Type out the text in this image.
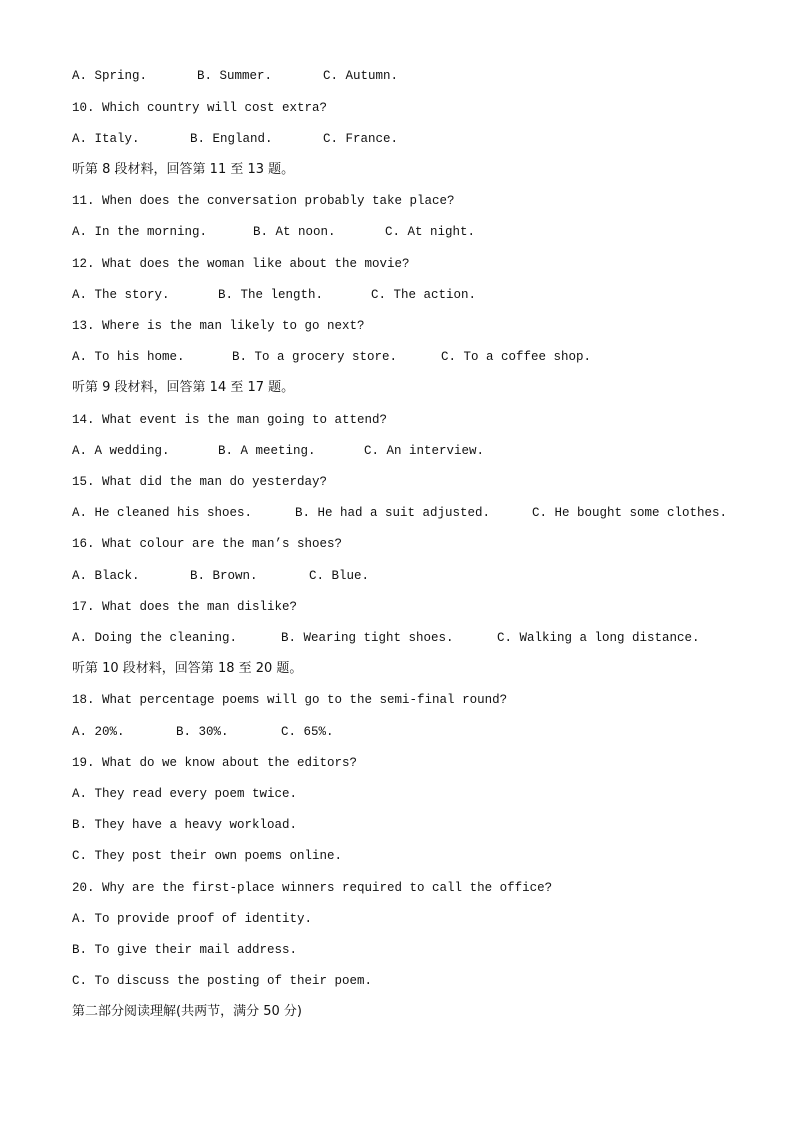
A. Spring.

	B. Summer.

	C. Autumn.

10. Which country will cost extra?

A. Italy.

	B. England.

	C. France.

听第 8 段材料，回答第 11 至 13 题。
11. When does the conversation probably take place?

A. In the morning.

	B. At noon.

	C. At night.

12. What does the woman like about the movie?

A. The story.

	B. The length.

	C. The action.

13. Where is the man likely to go next?

A. To his home.

	B. To a grocery store.

	C. To a coffee shop.

听第 9 段材料，回答第 14 至 17 题。
14. What event is the man going to attend?

A. A wedding.

	B. A meeting.

	C. An interview.

15. What did the man do yesterday?

A. He cleaned his shoes.

	B. He had a suit adjusted.

	C. He bought some clothes.

16. What colour are the man’s shoes?

A. Black.

	B. Brown.

	C. Blue.

17. What does the man dislike?

A. Doing the cleaning.

	B. Wearing tight shoes.

	C. Walking a long distance.

听第 10 段材料，回答第 18 至 20 题。
18. What percentage poems will go to the semi-final round?

A. 20%.

	B. 30%.

	C. 65%.

19. What do we know about the editors?
A. They read every poem twice.
B. They have a heavy workload.
C. They post their own poems online.
20. Why are the first-place winners required to call the office?
A. To provide proof of identity.
B. To give their mail address.
C. To discuss the posting of their poem.
第二部分阅读理解(共两节，满分 50 分)
